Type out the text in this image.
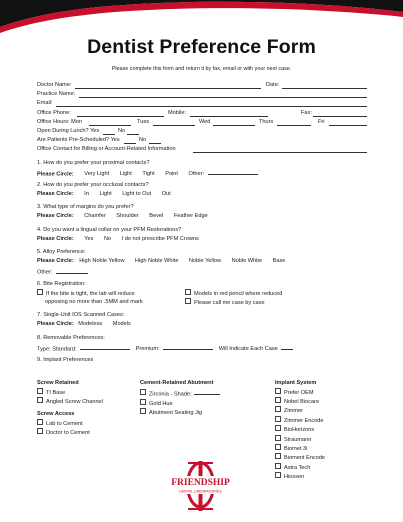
Dentist Preference Form
Please complete this form and return it by fax, email or with your next case.
Doctor Name:	Date:
Practice Name:
Email:
Office Phone:	Mobile:	Fax:
Office Hours: Mon	Tues	Wed	Thurs	Fri
Open During Lunch? Yes	No
Are Patients Pre-Scheduled? Yes	No
Office Contact for Billing or Account-Related Information
1. How do you prefer your proximal contacts?
Please Circle: Very Light Light Tight Point Other:
2. How do you prefer your occlusal contacts?
Please Circle: In Light Light to Out Out
3. What type of margins do you prefer?
Please Circle: Chamfer Shoulder Bevel Feather Edge
4. Do you want a lingual collar on your PFM Restorations?
Please Circle: Yes No I do not prescribe PFM Crowns
5. Alloy Preference:
Please Circle: High Noble Yellow High Noble White Noble Yellow Noble White Base
Other:
6. Bite Registration:
If the bite is tight, the lab will reduce	Models in red pencil where reduced
opposing no more than .5MM and mark	Please call me case by case
7. Single-Unit IOS Scanned Cases:
Please Circle: Modeless Models
8. Removable Preferences:
Type: Standard:	Premium:	Will Indicate Each Case
9. Implant Preferences
Screw Retained
TI Base
Angled Screw Channel
Screw Access
Lab to Cement
Doctor to Cement
Cement-Retained Abutment
Zirconia - Shade:
Gold Hue
Abutment Seating Jig
Implant System
Prefer OEM
Nobel Biocare
Zimmer
Zimmer Encode
BioHorizons
Straumann
Biomet 3i
Bioment Encode
Astra Tech
Hiossen
FRIENDSHIP
DENTAL LABORATORIES
